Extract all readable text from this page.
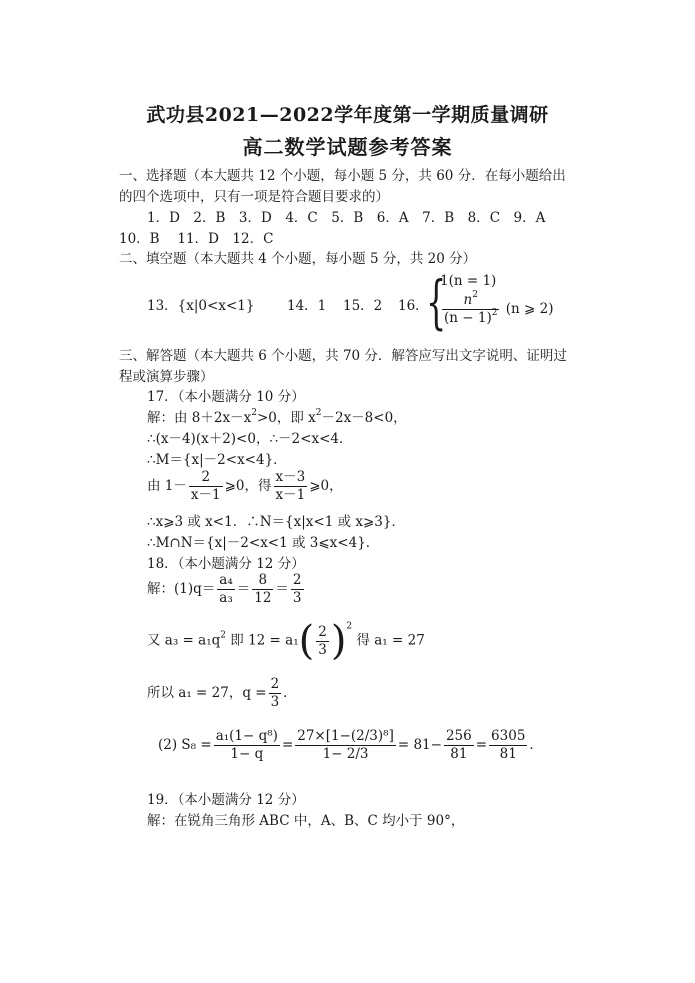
武功县2021—2022学年度第一学期质量调研
高二数学试题参考答案
一、选择题（本大题共 12 个小题，每小题 5 分，共 60 分．在每小题给出
的四个选项中，只有一项是符合题目要求的）
1．D　2．B　3．D　4．C　5．B　6．A　7．B　8．C　9．A
10．B　 11．D　12．C
二、填空题（本大题共 4 个小题，每小题 5 分，共 20 分）
13．{x|0<x<1} 14．1 15．2 16．
{
1(n = 1)
$\frac{n^2}{(n - 1)^2} (n$ ⩾ 2)
三、解答题（本大题共 6 个小题，共 70 分．解答应写出文字说明、证明过
程或演算步骤）
17．（本小题满分 10 分）
解：由 $8+2x-x^2>0$，即 $x^2-2x-8<0$，
∴(x－4)(x＋2)<0，∴－2<x<4．
∴M＝{x|－2<x<4}．
由 $1- \frac{2}{x-1}$ ⩾0，得 $\frac{x-3}{x-1}$ ⩾0，
∴x⩾3 或 x<1．∴N＝{x|x<1 或 x⩾3}．
∴M∩N＝{x|－2<x<1 或 3⩽x<4}．
18．（本小题满分 12 分）
解：$(1)q= \frac{\text{a₄}}{\text{a₃}} = \frac{8}{12} = \frac{2}{3}$
又 $a_3 = a_1q^2$ 即 $12 = a_1( \frac{2}{3} )^2$ 得 a₁ = 27
所以 a₁ = 27，$q = \frac{2}{3}$ ．
(2) $S_8 = \frac{\text{a₁(1− q⁸)}}{1- q} = \frac{\text{27×[1−(2/3)⁸]}}{1- 2/3} = 81- \frac{256}{81} = \frac{6305}{81}$ ．
19．（本小题满分 12 分）
解：在锐角三角形 ABC 中，A、B、C 均小于 90°，
